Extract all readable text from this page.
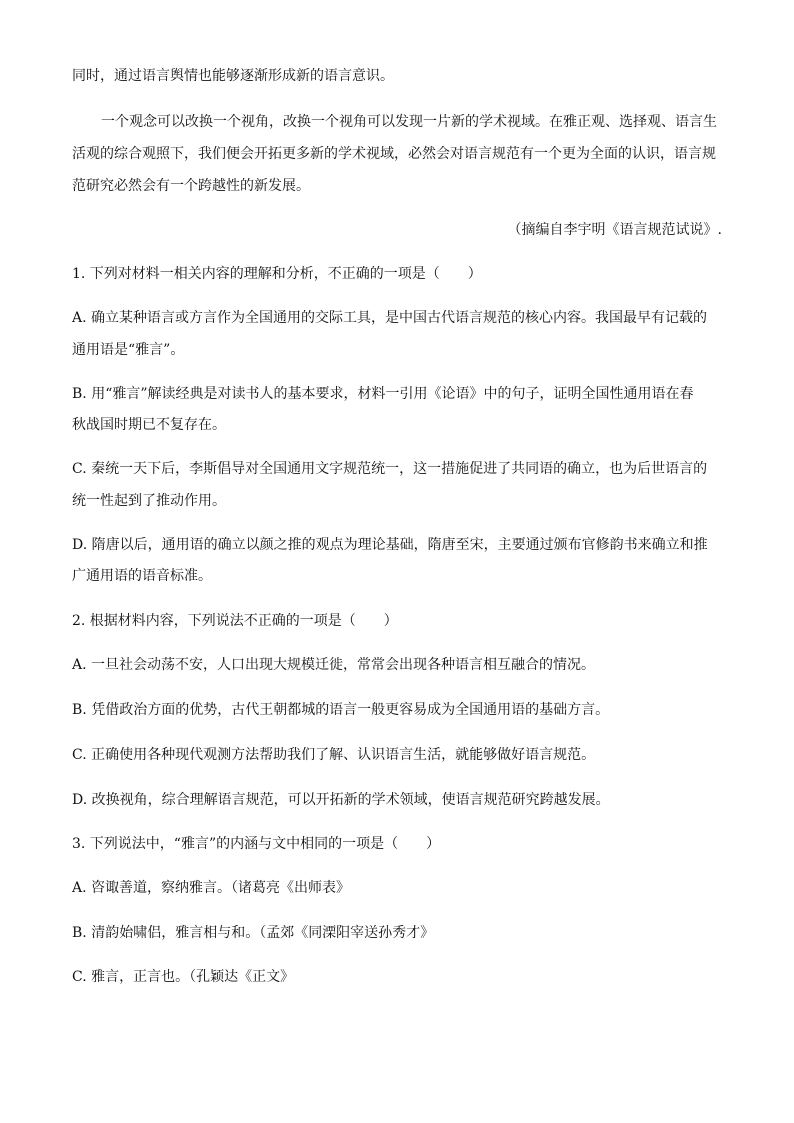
同时，通过语言舆情也能够逐渐形成新的语言意识。
一个观念可以改换一个视角，改换一个视角可以发现一片新的学术视域。在雅正观、选择观、语言生
活观的综合观照下，我们便会开拓更多新的学术视域，必然会对语言规范有一个更为全面的认识，语言规
范研究必然会有一个跨越性的新发展。
（摘编自李宇明《语言规范试说》.
1. 下列对材料一相关内容的理解和分析，不正确的一项是（　　）
A. 确立某种语言或方言作为全国通用的交际工具，是中国古代语言规范的核心内容。我国最早有记载的
通用语是“雅言”。
B. 用“雅言”解读经典是对读书人的基本要求，材料一引用《论语》中的句子，证明全国性通用语在春
秋战国时期已不复存在。
C. 秦统一天下后，李斯倡导对全国通用文字规范统一，这一措施促进了共同语的确立，也为后世语言的
统一性起到了推动作用。
D. 隋唐以后，通用语的确立以颜之推的观点为理论基础，隋唐至宋，主要通过颁布官修韵书来确立和推
广通用语的语音标准。
2. 根据材料内容，下列说法不正确的一项是（　　）
A. 一旦社会动荡不安，人口出现大规模迁徙，常常会出现各种语言相互融合的情况。
B. 凭借政治方面的优势，古代王朝都城的语言一般更容易成为全国通用语的基础方言。
C. 正确使用各种现代观测方法帮助我们了解、认识语言生活，就能够做好语言规范。
D. 改换视角，综合理解语言规范，可以开拓新的学术领域，使语言规范研究跨越发展。
3. 下列说法中，“雅言”的内涵与文中相同的一项是（　　）
A. 咨诹善道，察纳雅言。（诸葛亮《出师表》
B. 清韵始啸侣，雅言相与和。（孟郊《同溧阳宰送孙秀才》
C. 雅言，正言也。（孔颖达《正文》
